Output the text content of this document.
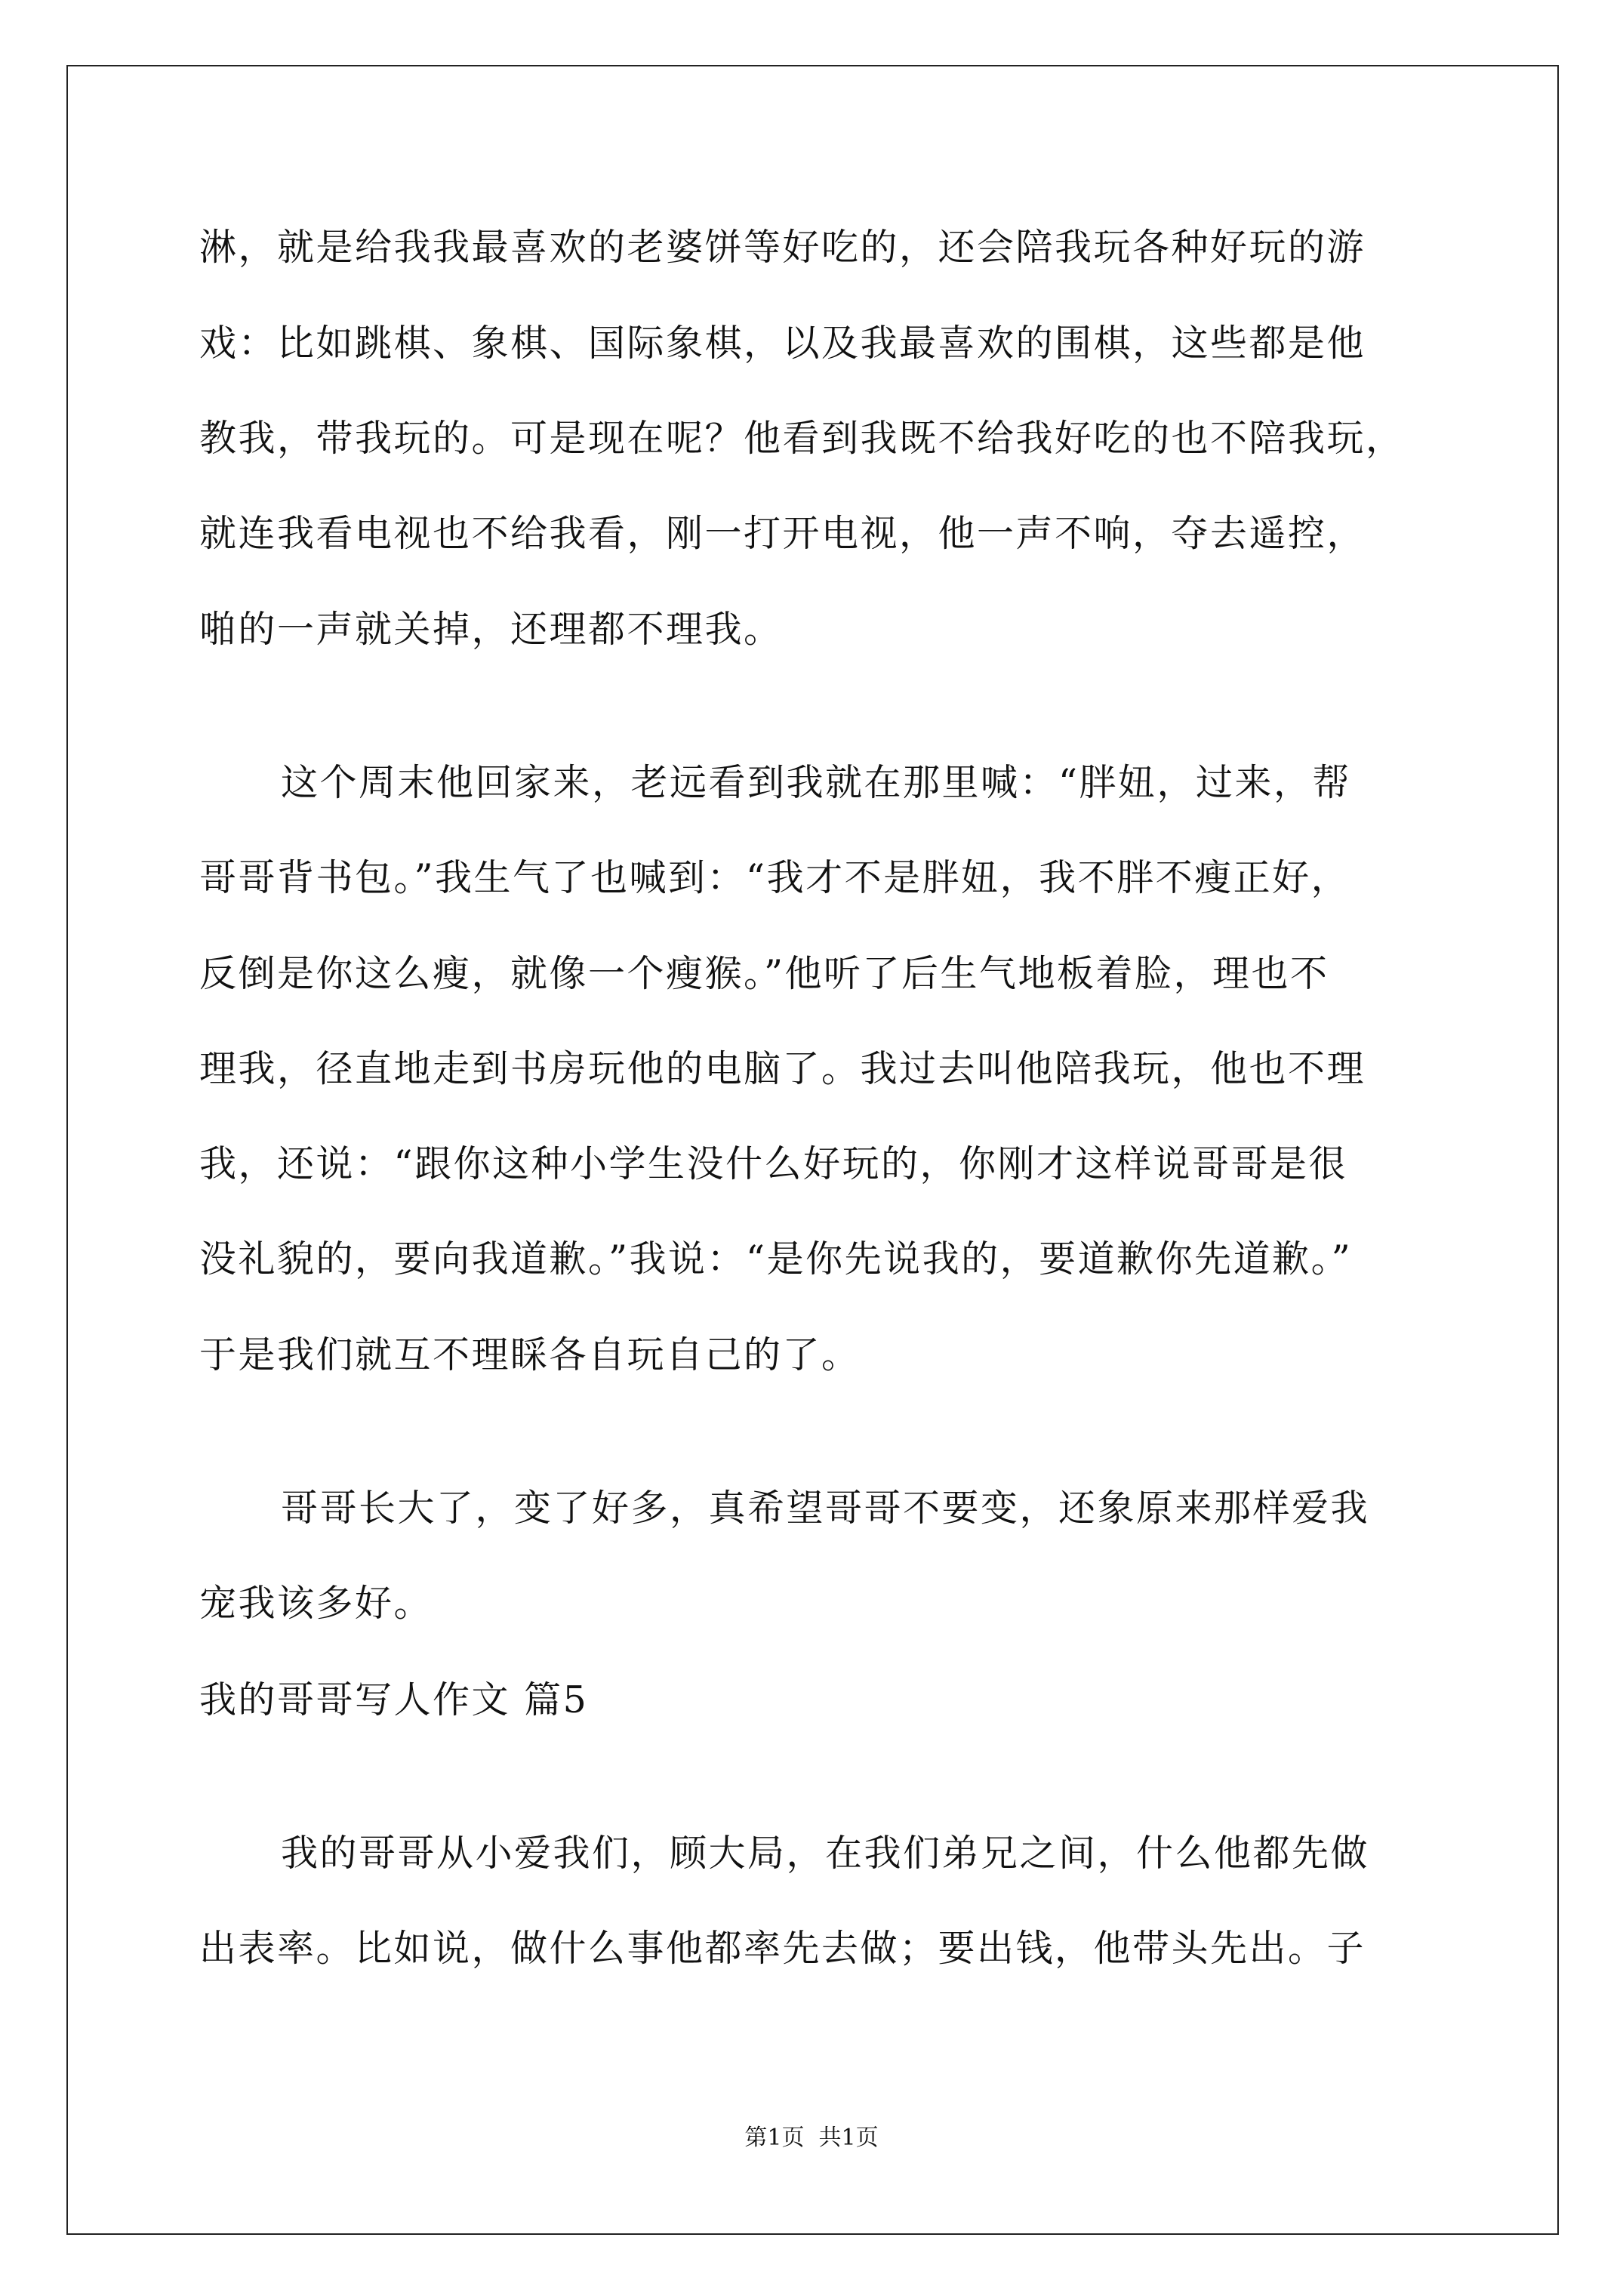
淋，就是给我我最喜欢的老婆饼等好吃的，还会陪我玩各种好玩的游
戏：比如跳棋、象棋、国际象棋，以及我最喜欢的围棋，这些都是他
教我，带我玩的。可是现在呢？他看到我既不给我好吃的也不陪我玩，
就连我看电视也不给我看，刚一打开电视，他一声不响，夺去遥控，
啪的一声就关掉，还理都不理我。
这个周末他回家来，老远看到我就在那里喊：“胖妞，过来，帮
哥哥背书包。”我生气了也喊到：“我才不是胖妞，我不胖不瘦正好，
反倒是你这么瘦，就像一个瘦猴。”他听了后生气地板着脸，理也不
理我，径直地走到书房玩他的电脑了。我过去叫他陪我玩，他也不理
我，还说：“跟你这种小学生没什么好玩的，你刚才这样说哥哥是很
没礼貌的，要向我道歉。”我说：“是你先说我的，要道歉你先道歉。”
于是我们就互不理睬各自玩自己的了。
哥哥长大了，变了好多，真希望哥哥不要变，还象原来那样爱我
宠我该多好。
我的哥哥写人作文 篇5
我的哥哥从小爱我们，顾大局，在我们弟兄之间，什么他都先做
出表率。比如说，做什么事他都率先去做；要出钱，他带头先出。子
第1页  共1页
